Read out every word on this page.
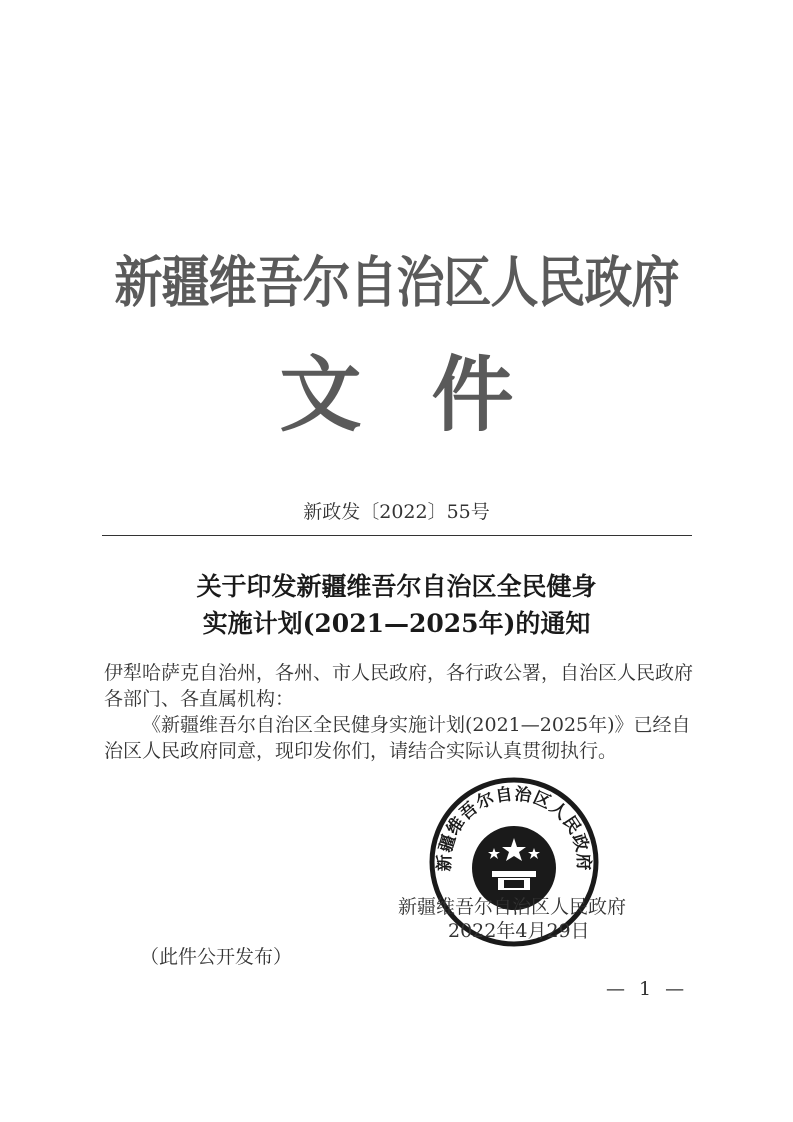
新疆维吾尔自治区人民政府
文件
新政发〔2022〕55号
关于印发新疆维吾尔自治区全民健身
实施计划(2021—2025年)的通知
伊犁哈萨克自治州，各州、市人民政府，各行政公署，自治区人民政府各部门、各直属机构：
《新疆维吾尔自治区全民健身实施计划(2021—2025年)》已经自治区人民政府同意，现印发你们，请结合实际认真贯彻执行。
新疆维吾尔自治区人民政府
新疆维吾尔自治区人民政府
2022年4月29日
（此件公开发布）
— 1 —
